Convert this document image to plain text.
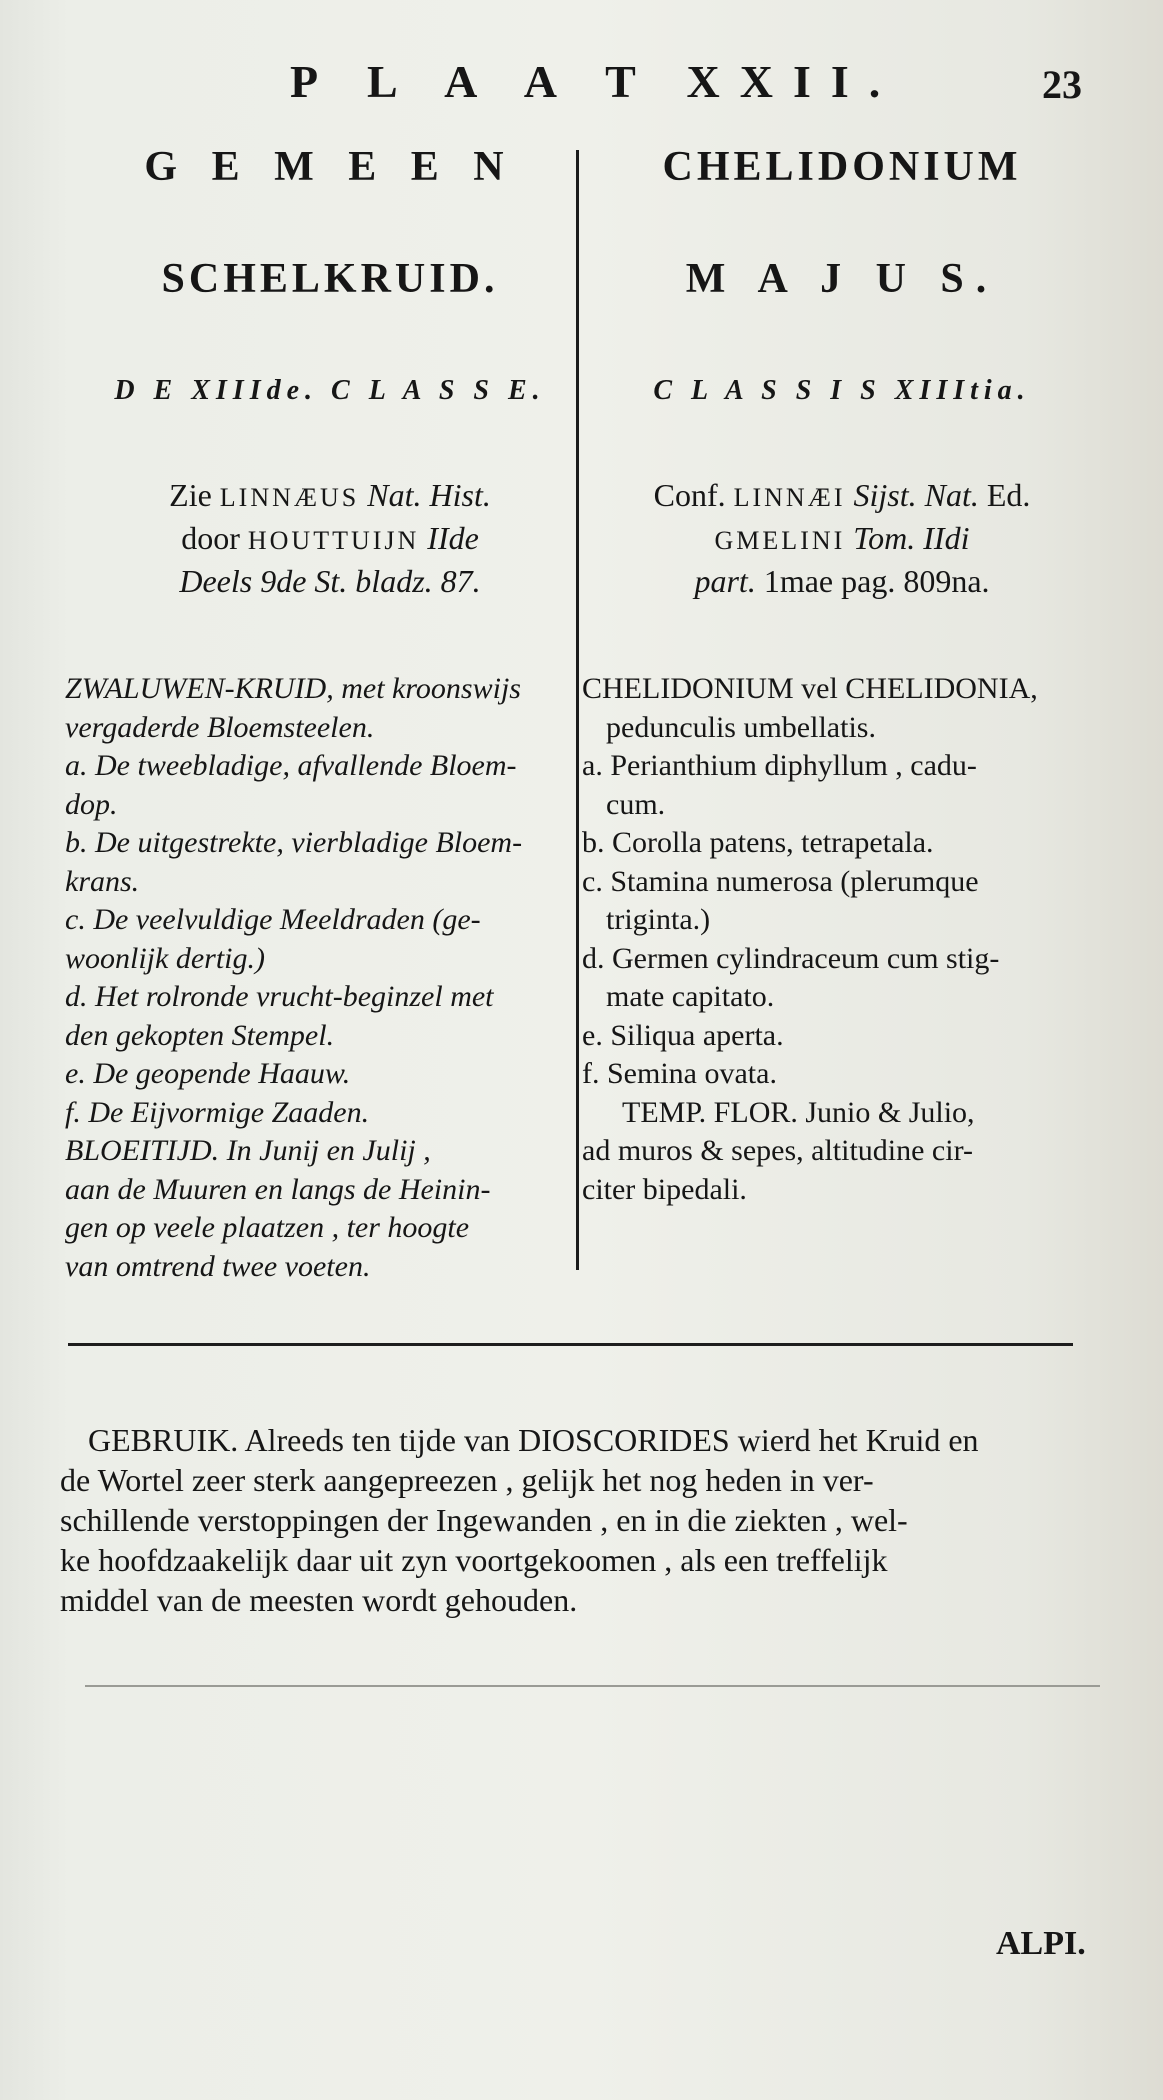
P L A A T XXII.	23
G E M E E N
SCHELKRUID.
D E XIIIde. C L A S S E.
Zie LINNÆUS Nat. Hist.
door HOUTTUIJN IIde
Deels 9de St. bladz. 87.
ZWALUWEN-KRUID, met kroonswijs
vergaderde Bloemsteelen.
a. De tweebladige, afvallende Bloem-
dop.
b. De uitgestrekte, vierbladige Bloem-
krans.
c. De veelvuldige Meeldraden (ge-
woonlijk dertig.)
d. Het rolronde vrucht-beginzel met
den gekopten Stempel.
e. De geopende Haauw.
f. De Eijvormige Zaaden.
BLOEITIJD. In Junij en Julij ,
aan de Muuren en langs de Heinin-
gen op veele plaatzen , ter hoogte
van omtrend twee voeten.
CHELIDONIUM
M A J U S.
C L A S S I S XIIItia.
Conf. LINNÆI Sijst. Nat. Ed.
GMELINI Tom. IIdi
part. 1mae pag. 809na.
CHELIDONIUM vel CHELIDONIA,
pedunculis umbellatis.
a. Perianthium diphyllum , cadu-
cum.
b. Corolla patens, tetrapetala.
c. Stamina numerosa (plerumque
triginta.)
d. Germen cylindraceum cum stig-
mate capitato.
e. Siliqua aperta.
f. Semina ovata.
TEMP. FLOR. Junio & Julio,
ad muros & sepes, altitudine cir-
citer bipedali.
GEBRUIK. Alreeds ten tijde van DIOSCORIDES wierd het Kruid en
de Wortel zeer sterk aangepreezen , gelijk het nog heden in ver-
schillende verstoppingen der Ingewanden , en in die ziekten , wel-
ke hoofdzaakelijk daar uit zyn voortgekoomen , als een treffelijk
middel van de meesten wordt gehouden.
ALPI.
